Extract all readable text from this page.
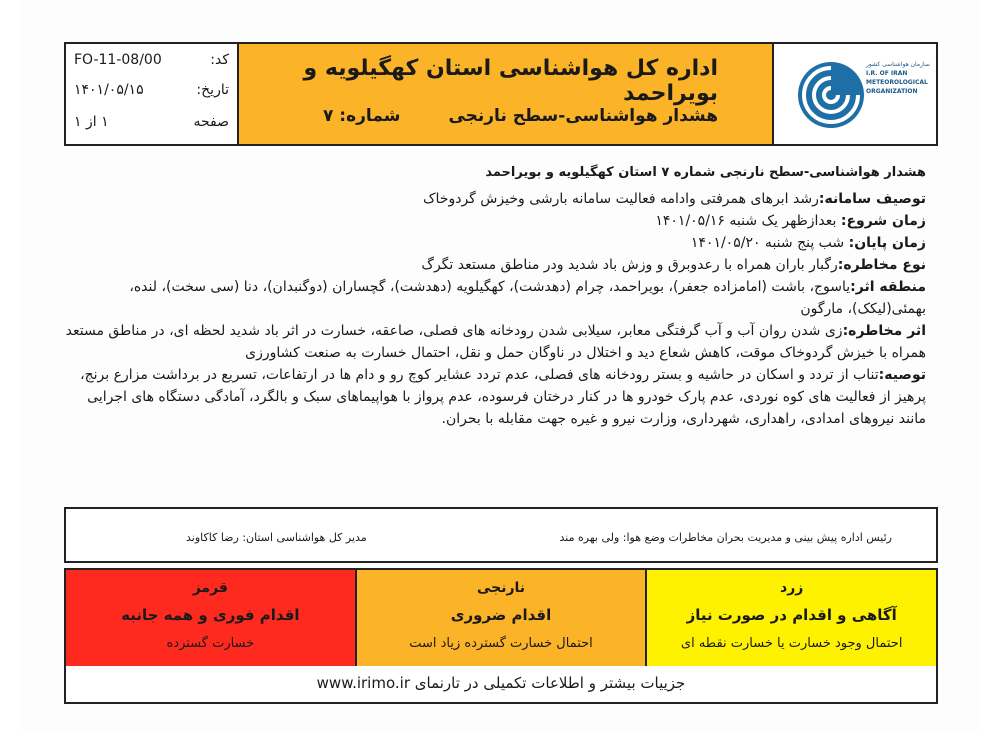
کد:
FO-11-08/00
تاریخ:
۱۴۰۱/۰۵/۱۵
صفحه
۱ از ۱
اداره کل هواشناسی استان کهگیلویه و بویراحمد
هشدار هواشناسی-سطح نارنجی
شماره: ۷
سازمان هواشناسی کشور
I.R. OF IRAN METEOROLOGICAL ORGANIZATION

هشدار هواشناسی-سطح نارنجی شماره ۷ استان کهگیلویه و بویراحمد

توصیف سامانه:رشد ابرهای همرفتی وادامه فعالیت سامانه بارشی وخیزش گردوخاک

زمان شروع: بعدازظهر یک شنبه ۱۴۰۱/۰۵/۱۶

زمان پایان: شب پنج شنبه ۱۴۰۱/۰۵/۲۰

نوع مخاطره:رگبار باران همراه با رعدوبرق و وزش باد شدید ودر مناطق مستعد تگرگ

منطقه اثر:یاسوج، باشت (امامزاده جعفر)، بویراحمد، چرام (دهدشت)، کهگیلویه (دهدشت)، گچساران (دوگنبدان)، دنا (سی سخت)، لنده، بهمئی(لیکک)، مارگون

اثر مخاطره:زی شدن روان آب و آب گرفتگی معابر، سیلابی شدن رودخانه های فصلی، صاعقه، خسارت در اثر باد شدید لحظه ای، در مناطق مستعد همراه با خیزش گردوخاک موقت، کاهش شعاع دید و اختلال در ناوگان حمل و نقل، احتمال خسارت به صنعت کشاورزی

توصیه:تناب از تردد و اسکان در حاشیه و بستر رودخانه های فصلی، عدم تردد عشایر کوچ رو و دام ها در ارتفاعات، تسریع در برداشت مزارع برنج، پرهیز از فعالیت های کوه نوردی، عدم پارک خودرو ها در کنار درختان فرسوده، عدم پرواز با هواپیماهای سبک و بالگرد، آمادگی دستگاه های اجرایی مانند نیروهای امدادی، راهداری، شهرداری، وزارت نیرو و غیره جهت مقابله با بحران.

رئیس اداره پیش بینی و مدیریت بحران مخاطرات وضع هوا: ولی بهره مند
مدیر کل هواشناسی استان: رضا کاکاوند
قرمز
اقدام فوری و همه جانبه
خسارت گسترده
نارنجی
اقدام ضروری
احتمال خسارت گسترده زیاد است
زرد
آگاهی و اقدام در صورت نیاز
احتمال وجود خسارت یا خسارت نقطه ای
جزییات بیشتر و اطلاعات تکمیلی در تارنمای www.irimo.ir
